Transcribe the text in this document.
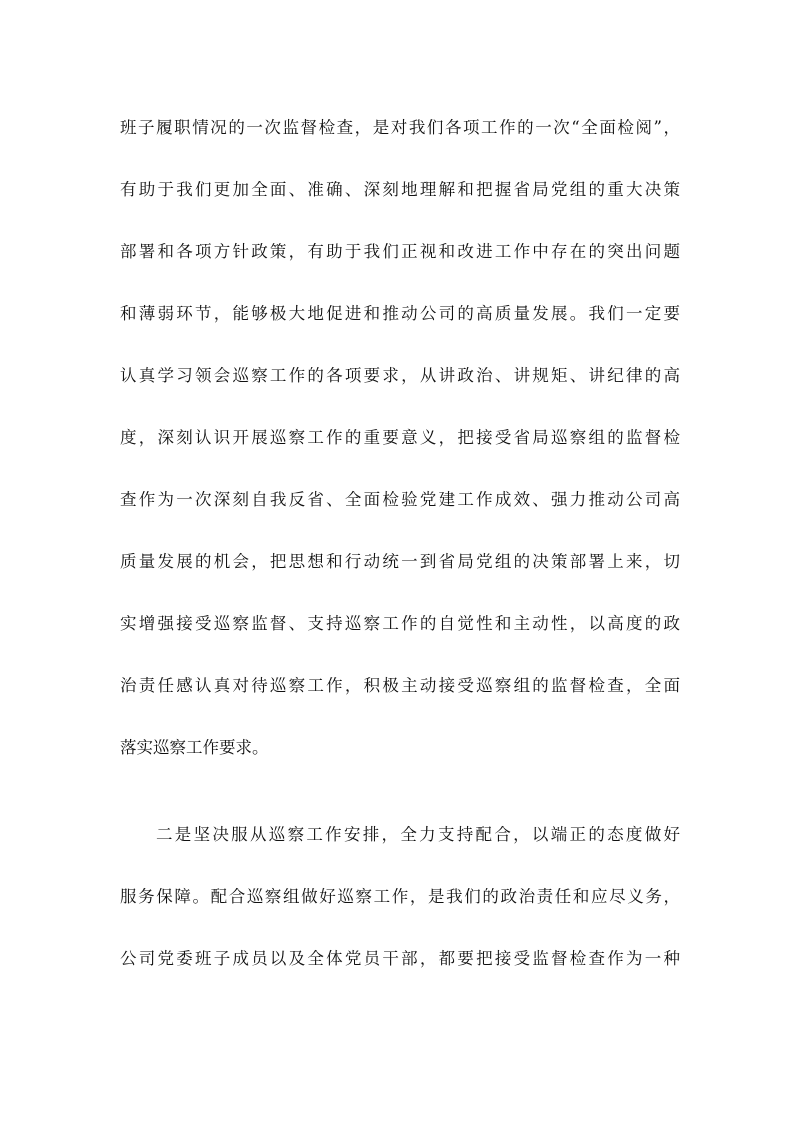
班子履职情况的一次监督检查，是对我们各项工作的一次“全面检阅”，
有助于我们更加全面、准确、深刻地理解和把握省局党组的重大决策
部署和各项方针政策，有助于我们正视和改进工作中存在的突出问题
和薄弱环节，能够极大地促进和推动公司的高质量发展。我们一定要
认真学习领会巡察工作的各项要求，从讲政治、讲规矩、讲纪律的高
度，深刻认识开展巡察工作的重要意义，把接受省局巡察组的监督检
查作为一次深刻自我反省、全面检验党建工作成效、强力推动公司高
质量发展的机会，把思想和行动统一到省局党组的决策部署上来，切
实增强接受巡察监督、支持巡察工作的自觉性和主动性，以高度的政
治责任感认真对待巡察工作，积极主动接受巡察组的监督检查，全面
落实巡察工作要求。
二是坚决服从巡察工作安排，全力支持配合，以端正的态度做好
服务保障。配合巡察组做好巡察工作，是我们的政治责任和应尽义务，
公司党委班子成员以及全体党员干部，都要把接受监督检查作为一种
